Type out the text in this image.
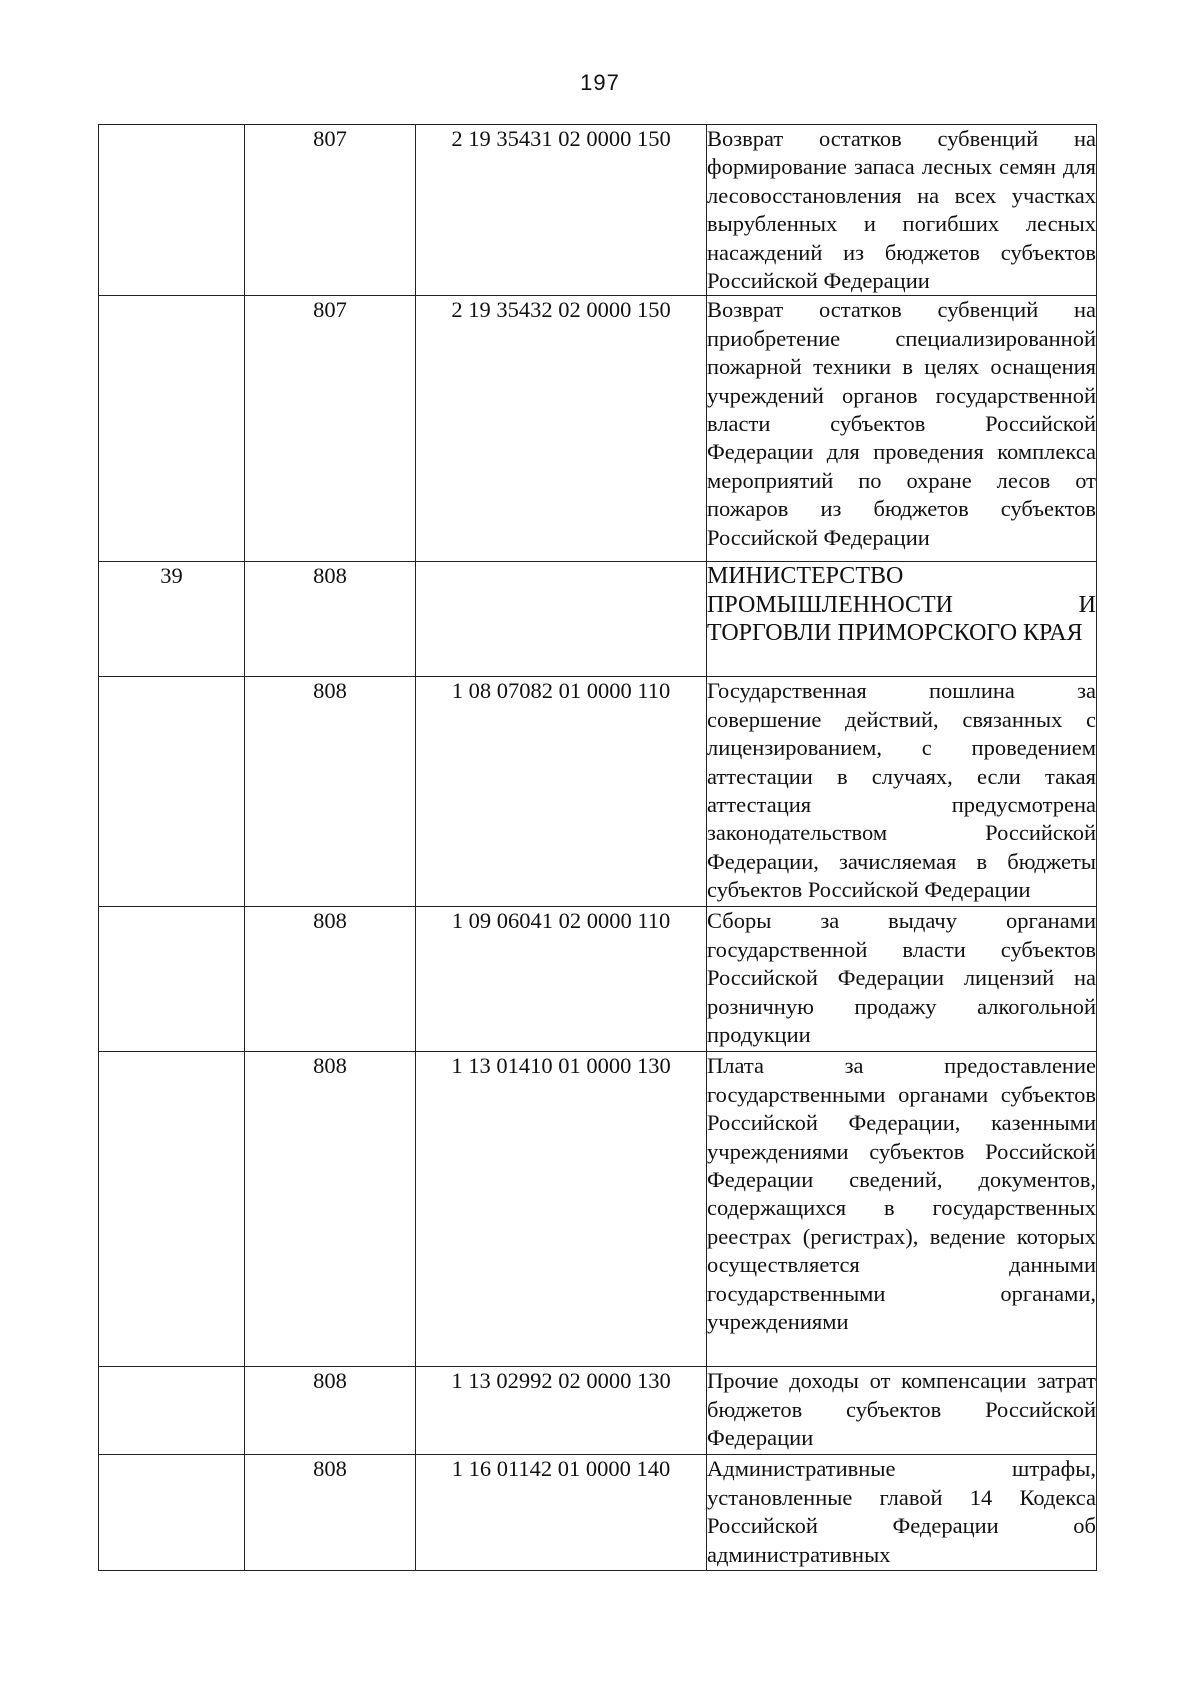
197
	807	2 19 35431 02 0000 150	Возврат остатков субвенций на формирование запаса лесных семян для лесовосстановления на всех участках вырубленных и погибших лесных насаждений из бюджетов субъектов Российской Федерации
	807	2 19 35432 02 0000 150	Возврат остатков субвенций на приобретение специализированной пожарной техники в целях оснащения учреждений органов государственной власти субъектов Российской Федерации для проведения комплекса мероприятий по охране лесов от пожаров из бюджетов субъектов Российской Федерации
39	808		МИНИСТЕРСТВО ПРОМЫШЛЕННОСТИ И ТОРГОВЛИ ПРИМОРСКОГО КРАЯ
	808	1 08 07082 01 0000 110	Государственная пошлина за совершение действий, связанных с лицензированием, с проведением аттестации в случаях, если такая аттестация предусмотрена законодательством Российской Федерации, зачисляемая в бюджеты субъектов Российской Федерации
	808	1 09 06041 02 0000 110	Сборы за выдачу органами государственной власти субъектов Российской Федерации лицензий на розничную продажу алкогольной продукции
	808	1 13 01410 01 0000 130	Плата за предоставление государственными органами субъектов Российской Федерации, казенными учреждениями субъектов Российской Федерации сведений, документов, содержащихся в государственных реестрах (регистрах), ведение которых осуществляется данными государственными органами, учреждениями
	808	1 13 02992 02 0000 130	Прочие доходы от компенсации затрат бюджетов субъектов Российской Федерации
	808	1 16 01142 01 0000 140	Административные штрафы, установленные главой 14 Кодекса Российской Федерации об административных
